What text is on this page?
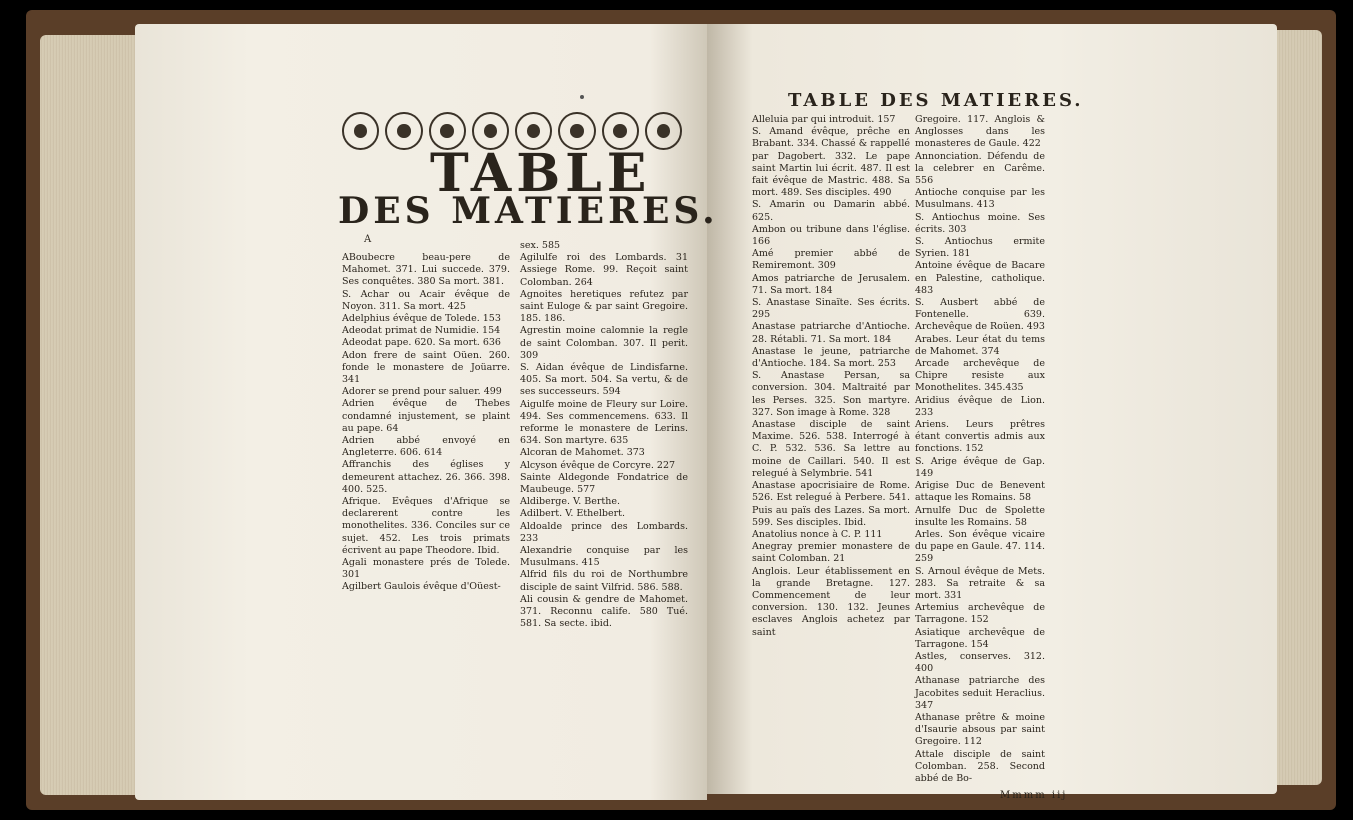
TABLE
DES MATIERES.
TABLE DES MATIERES.
A

ABoubecre beau-pere de Mahomet. 371. Lui succede. 379. Ses conquêtes. 380 Sa mort. 381.

S. Achar ou Acair évêque de Noyon. 311. Sa mort. 425

Adelphius évêque de Tolede. 153

Adeodat primat de Numidie. 154

Adeodat pape. 620. Sa mort. 636

Adon frere de saint Oüen. 260. fonde le monastere de Joüarre. 341

Adorer se prend pour saluer. 499

Adrien évêque de Thebes condamné injustement, se plaint au pape. 64

Adrien abbé envoyé en Angleterre. 606. 614

Affranchis des églises y demeurent attachez. 26. 366. 398. 400. 525.

Afrique. Evêques d'Afrique se declarerent contre les monothelites. 336. Conciles sur ce sujet. 452. Les trois primats écrivent au pape Theodore. Ibid.

Agali monastere prés de Tolede. 301

Agilbert Gaulois évêque d'Oüest-

sex. 585

Agilulfe roi des Lombards. 31 Assiege Rome. 99. Reçoit saint Colomban. 264

Agnoites heretiques refutez par saint Euloge & par saint Gregoire. 185. 186.

Agrestin moine calomnie la regle de saint Colomban. 307. Il perit. 309

S. Aidan évêque de Lindisfarne. 405. Sa mort. 504. Sa vertu, & de ses successeurs. 594

Aigulfe moine de Fleury sur Loire. 494. Ses commencemens. 633. Il reforme le monastere de Lerins. 634. Son martyre. 635

Alcoran de Mahomet. 373

Alcyson évêque de Corcyre. 227

Sainte Aldegonde Fondatrice de Maubeuge. 577

Aldiberge. V. Berthe.

Adilbert. V. Ethelbert.

Aldoalde prince des Lombards. 233

Alexandrie conquise par les Musulmans. 415

Alfrid fils du roi de Northumbre disciple de saint Vilfrid. 586. 588.

Ali cousin & gendre de Mahomet. 371. Reconnu calife. 580 Tué. 581. Sa secte. ibid.

Alleluia par qui introduit. 157

S. Amand évêque, prêche en Brabant. 334. Chassé & rappellé par Dagobert. 332. Le pape saint Martin lui écrit. 487. Il est fait évêque de Mastric. 488. Sa mort. 489. Ses disciples. 490

S. Amarin ou Damarin abbé. 625.

Ambon ou tribune dans l'église. 166

Amé premier abbé de Remiremont. 309

Amos patriarche de Jerusalem. 71. Sa mort. 184

S. Anastase Sinaïte. Ses écrits. 295

Anastase patriarche d'Antioche. 28. Rétabli. 71. Sa mort. 184

Anastase le jeune, patriarche d'Antioche. 184. Sa mort. 253

S. Anastase Persan, sa conversion. 304. Maltraité par les Perses. 325. Son martyre. 327. Son image à Rome. 328

Anastase disciple de saint Maxime. 526. 538. Interrogé à C. P. 532. 536. Sa lettre au moine de Caillari. 540. Il est relegué à Selymbrie. 541

Anastase apocrisiaire de Rome. 526. Est relegué à Perbere. 541. Puis au païs des Lazes. Sa mort. 599. Ses disciples. Ibid.

Anatolius nonce à C. P. 111

Anegray premier monastere de saint Colomban. 21

Anglois. Leur établissement en la grande Bretagne. 127. Commencement de leur conversion. 130. 132. Jeunes esclaves Anglois achetez par saint

Gregoire. 117. Anglois & Anglosses dans les monasteres de Gaule. 422

Annonciation. Défendu de la celebrer en Carême. 556

Antioche conquise par les Musulmans. 413

S. Antiochus moine. Ses écrits. 303

S. Antiochus ermite Syrien. 181

Antoine évêque de Bacare en Palestine, catholique. 483

S. Ausbert abbé de Fontenelle. 639. Archevêque de Roüen. 493

Arabes. Leur état du tems de Mahomet. 374

Arcade archevêque de Chipre resiste aux Monothelites. 345.435

Aridius évêque de Lion. 233

Ariens. Leurs prêtres étant convertis admis aux fonctions. 152

S. Arige évêque de Gap. 149

Arigise Duc de Benevent attaque les Romains. 58

Arnulfe Duc de Spolette insulte les Romains. 58

Arles. Son évêque vicaire du pape en Gaule. 47. 114. 259

S. Arnoul évêque de Mets. 283. Sa retraite & sa mort. 331

Artemius archevêque de Tarragone. 152

Asiatique archevêque de Tarragone. 154

Astles, conserves. 312. 400

Athanase patriarche des Jacobites seduit Heraclius. 347

Athanase prêtre & moine d'Isaurie absous par saint Gregoire. 112

Attale disciple de saint Colomban. 258. Second abbé de Bo-

Mmmm iij
